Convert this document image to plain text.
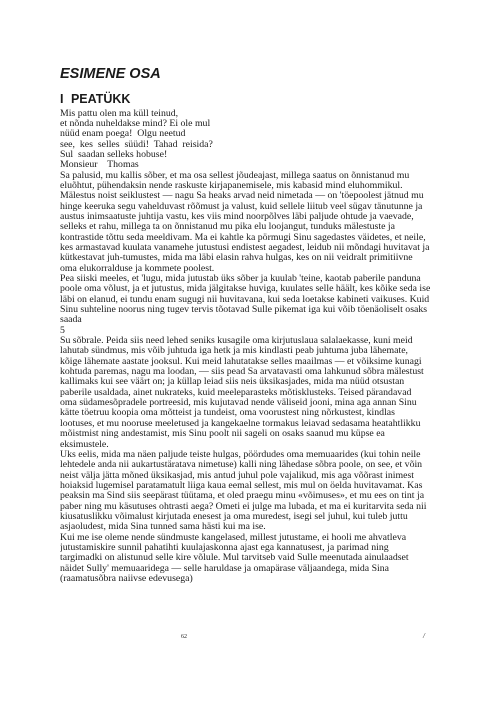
ESIMENE OSA
I PEATÜKK
Mis pattu olen ma küll teinud,
et nõnda nuheldakse mind? Ei ole mul
nüüd enam poega!  Olgu neetud
see,  kes  selles  süüdi!  Tahad  reisida?
Sul  saadan selleks hobuse!
Monsieur    Thomas
Sa palusid, mu kallis sõber, et ma osa sellest jõudeajast, millega saatus on õnnistanud mu
eluõhtut, pühendaksin nende raskuste kirjapanemisele, mis kabasid mind eluhommikul.
Mälestus noist seiklustest — nagu Sa heaks arvad neid nimetada — on 'töepoolest jätnud mu
hinge keeruka segu vahelduvast rõõmust ja valust, kuid sellele liitub veel sügav tänutunne ja
austus inimsaatuste juhtija vastu, kes viis mind noorpõlves läbi paljude ohtude ja vaevade,
selleks et rahu, millega ta on õnnistanud mu pika elu loojangut, tunduks mälestuste ja
kontrastide tõttu seda meeldivam. Ma ei kahtle ka pörmugi Sinu sagedastes väidetes, et neile,
kes armastavad kuulata vanamehe jutustusi endistest aegadest, leidub nii mõndagi huvitavat ja
kütkestavat juh-tumustes, mida ma läbi elasin rahva hulgas, kes on nii veidralt primitiivne
oma elukorralduse ja kommete poolest.
Pea siiski meeles, et 'lugu, mida jutustab üks sõber ja kuulab 'teine, kaotab paberile panduna
poole oma võlust, ja et jutustus, mida jälgitakse huviga, kuulates selle häält, kes kõike seda ise
läbi on elanud, ei tundu enam sugugi nii huvitavana, kui seda loetakse kabineti vaikuses. Kuid
Sinu suhteline noorus ning tugev tervis tõotavad Sulle pikemat iga kui võib töenäoliselt osaks
saada
5
Su sõbrale. Peida siis need lehed seniks kusagile oma kirjutuslaua salalaekasse, kuni meid
lahutab sündmus, mis võib juhtuda iga hetk ja mis kindlasti peab juhtuma juba lähemate,
kõige lähemate aastate jooksul. Kui meid lahutatakse selles maailmas — et võiksime kunagi
kohtuda paremas, nagu ma loodan, — siis pead Sa arvatavasti oma lahkunud sõbra mälestust
kallimaks kui see väärt on; ja küllap leiad siis neis üksikasjades, mida ma nüüd otsustan
paberile usaldada, ainet nukrateks, kuid meeleparasteks mõtisklusteks. Teised pärandavad
oma südamesõpradele portreesid, mis kujutavad nende väliseid jooni, mina aga annan Sinu
kätte töetruu koopia oma mõtteist ja tundeist, oma voorustest ning nõrkustest, kindlas
lootuses, et mu nooruse meeletused ja kangekaelne tormakus leiavad sedasama heatahtlikku
mõistmist ning andestamist, mis Sinu poolt nii sageli on osaks saanud mu küpse ea
eksimustele.
Üks eelis, mida ma näen paljude teiste hulgas, pöördudes oma memuaarides (kui tohin neile
lehtedele anda nii aukartustäratava nimetuse) kalli ning lähedase sõbra poole, on see, et võin
neist välja jätta mõned üksikasjad, mis antud juhul pole vajalikud, mis aga võõrast inimest
hoiaksid lugemisel paratamatult liiga kaua eemal sellest, mis mul on öelda huvitavamat. Kas
peaksin ma Sind siis seepärast tüütama, et oled praegu minu «võimuses», et mu ees on tint ja
paber ning mu käsutuses ohtrasti aega? Ometi ei julge ma lubada, et ma ei kuritarvita seda nii
kiusatuslikku võimalust kirjutada enesest ja oma muredest, isegi sel juhul, kui tuleb juttu
asjaoludest, mida Sina tunned sama hästi kui ma ise.
Kui me ise oleme nende sündmuste kangelased, millest jutustame, ei hooli me ahvatleva
jutustamiskire sunnil pahatihti kuulajaskonna ajast ega kannatusest, ja parimad ning
targimadki on alistunud selle kire võlule. Mul tarvitseb vaid Sulle meenutada ainulaadset
näidet Sully' memuaaridega — selle haruldase ja omapärase väljaandega, mida Sina
(raamatusõbra naiivse edevusega)
62	/
